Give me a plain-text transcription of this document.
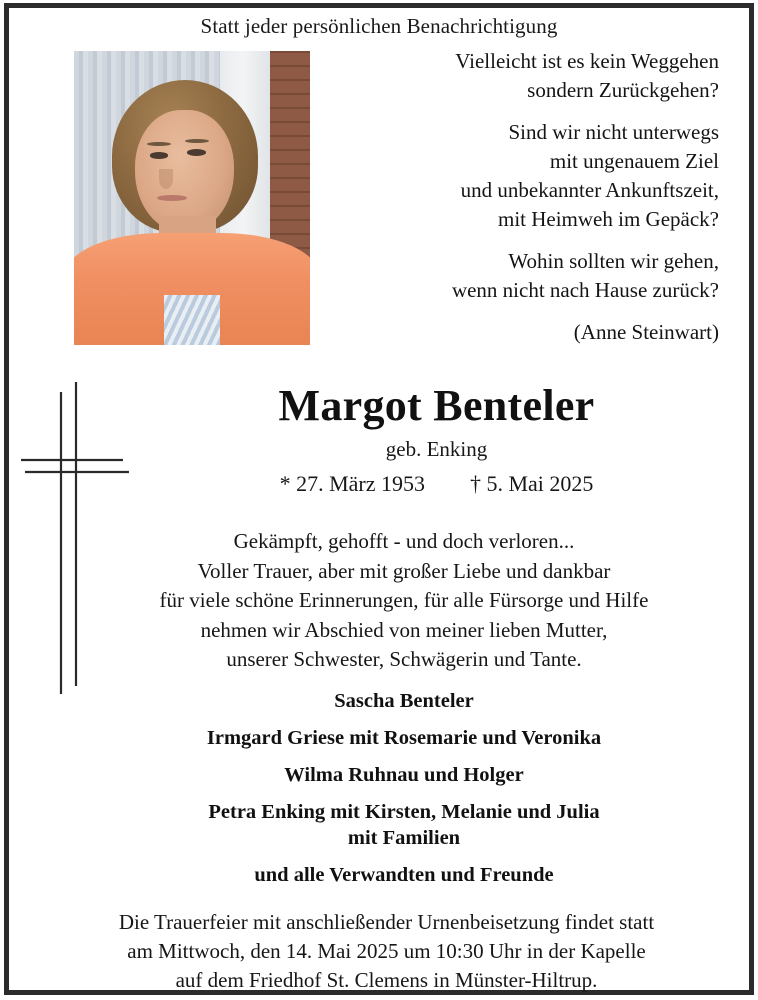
Statt jeder persönlichen Benachrichtigung
Vielleicht ist es kein Weggehen
sondern Zurückgehen?
Sind wir nicht unterwegs
mit ungenauem Ziel
und unbekannter Ankunftszeit,
mit Heimweh im Gepäck?
Wohin sollten wir gehen,
wenn nicht nach Hause zurück?
(Anne Steinwart)
Margot Benteler
geb. Enking
* 27. März 1953 † 5. Mai 2025
Gekämpft, gehofft - und doch verloren...
Voller Trauer, aber mit großer Liebe und dankbar
für viele schöne Erinnerungen, für alle Fürsorge und Hilfe
nehmen wir Abschied von meiner lieben Mutter,
unserer Schwester, Schwägerin und Tante.
Sascha Benteler
Irmgard Griese mit Rosemarie und Veronika
Wilma Ruhnau und Holger
Petra Enking mit Kirsten, Melanie und Julia
mit Familien
und alle Verwandten und Freunde
Die Trauerfeier mit anschließender Urnenbeisetzung findet statt
am Mittwoch, den 14. Mai 2025 um 10:30 Uhr in der Kapelle
auf dem Friedhof St. Clemens in Münster-Hiltrup.
